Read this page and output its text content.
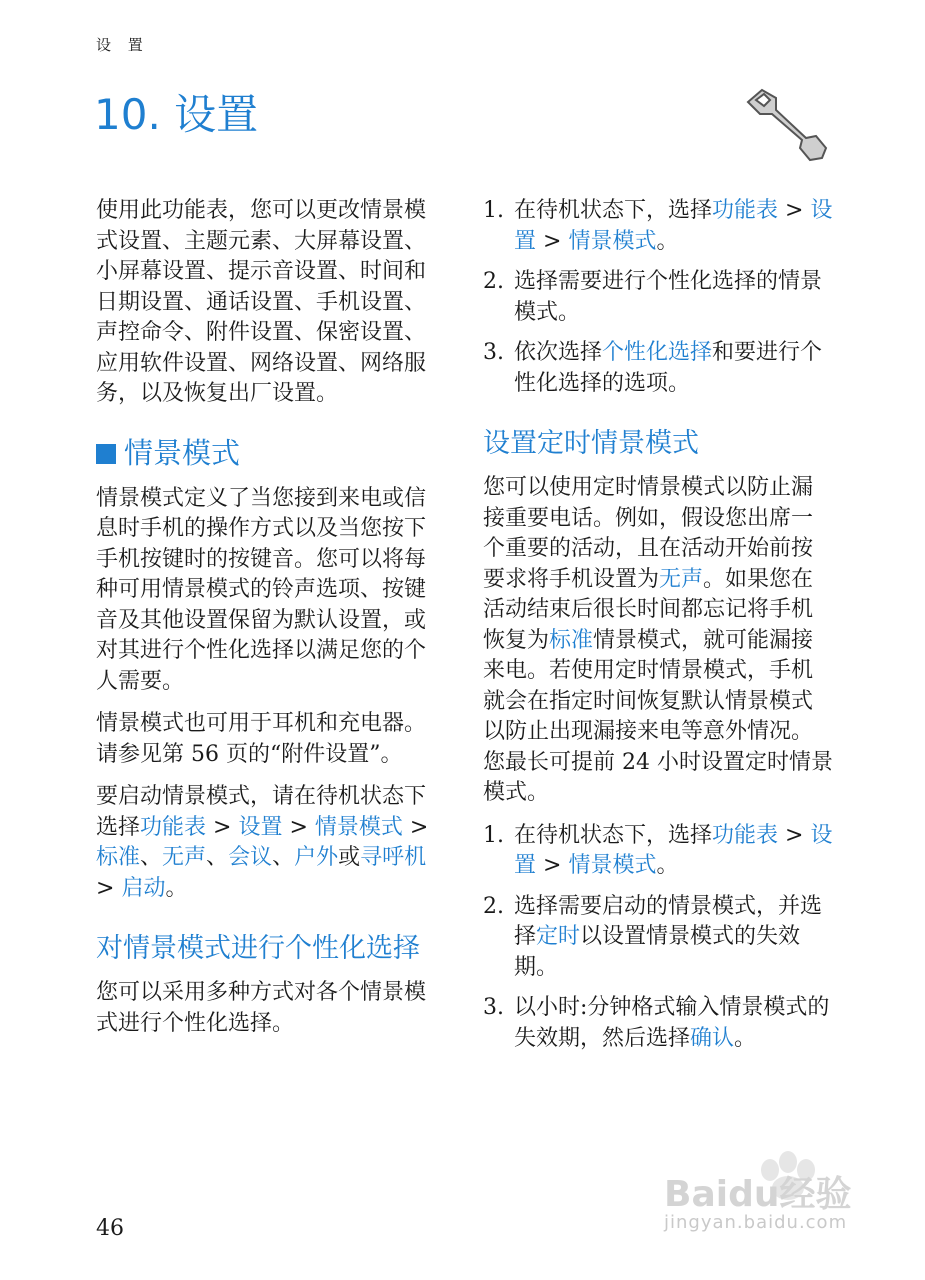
设 置
10. 设置

使用此功能表，您可以更改情景模式设置、主题元素、大屏幕设置、小屏幕设置、提示音设置、时间和日期设置、通话设置、手机设置、声控命令、附件设置、保密设置、应用软件设置、网络设置、网络服务，以及恢复出厂设置。

情景模式

情景模式定义了当您接到来电或信息时手机的操作方式以及当您按下手机按键时的按键音。您可以将每种可用情景模式的铃声选项、按键音及其他设置保留为默认设置，或对其进行个性化选择以满足您的个人需要。

情景模式也可用于耳机和充电器。请参见第 56 页的“附件设置”。

要启动情景模式，请在待机状态下选择功能表 > 设置 > 情景模式 > 标准、无声、会议、户外或寻呼机 > 启动。

对情景模式进行个性化选择

您可以采用多种方式对各个情景模式进行个性化选择。

1. 在待机状态下，选择功能表 > 设置 > 情景模式。
2. 选择需要进行个性化选择的情景模式。
3. 依次选择个性化选择和要进行个性化选择的选项。
设置定时情景模式

您可以使用定时情景模式以防止漏接重要电话。例如，假设您出席一个重要的活动，且在活动开始前按要求将手机设置为无声。如果您在活动结束后很长时间都忘记将手机恢复为标准情景模式，就可能漏接来电。若使用定时情景模式，手机就会在指定时间恢复默认情景模式以防止出现漏接来电等意外情况。您最长可提前 24 小时设置定时情景模式。

1. 在待机状态下，选择功能表 > 设置 > 情景模式。
2. 选择需要启动的情景模式，并选择定时以设置情景模式的失效期。
3. 以小时:分钟格式输入情景模式的失效期，然后选择确认。
46
Baidu经验
jingyan.baidu.com
